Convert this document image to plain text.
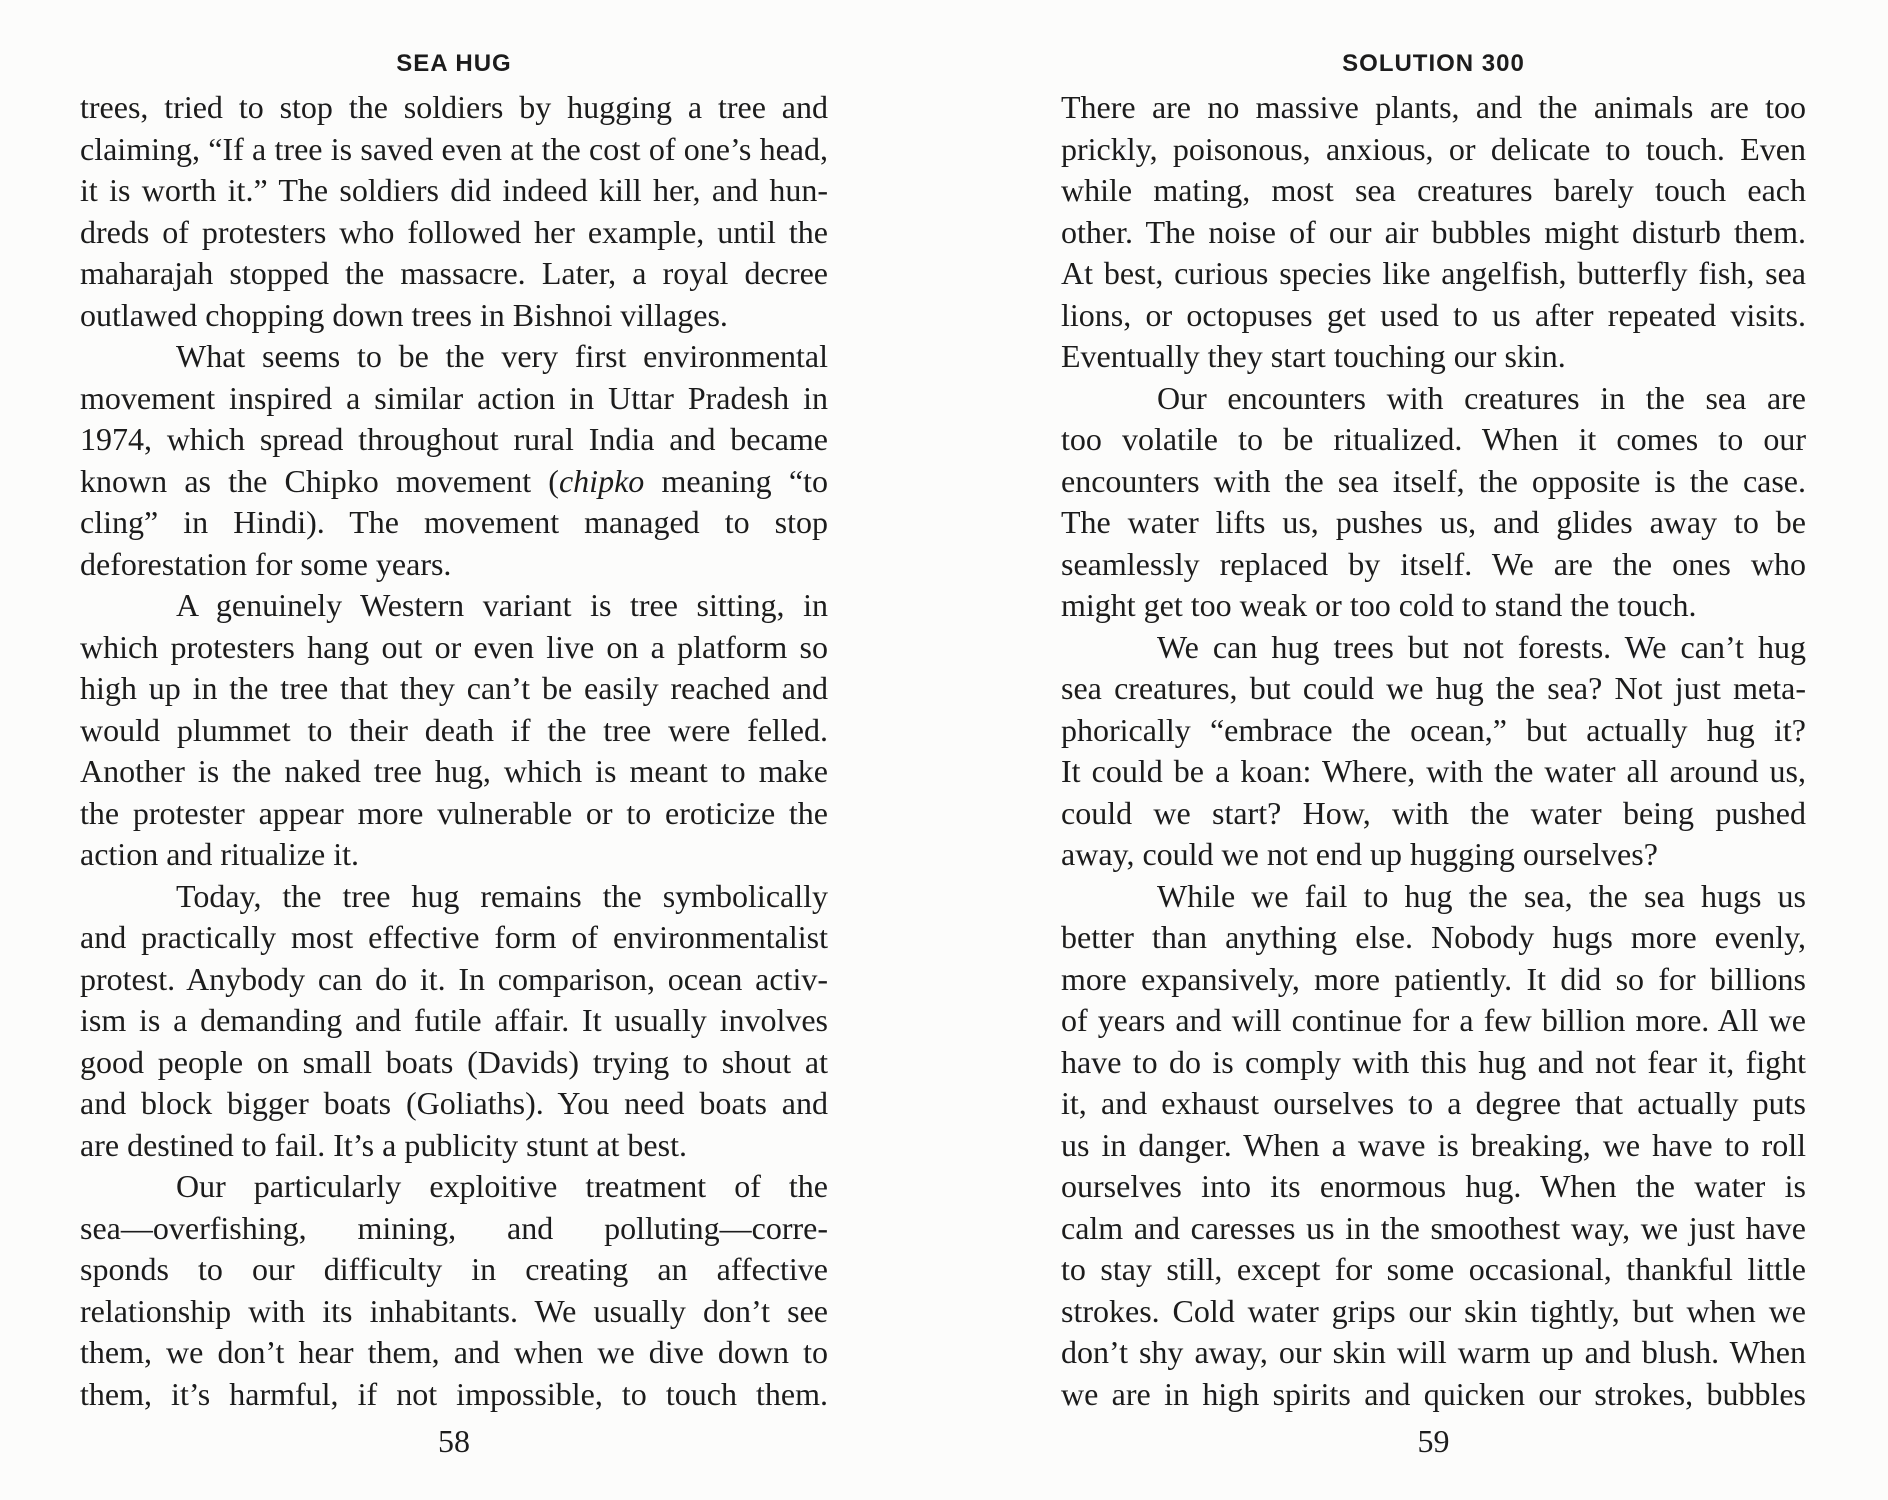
SEA HUG
trees, tried to stop the soldiers by hugging a tree and
claiming, “If a tree is saved even at the cost of one’s head,
it is worth it.” The soldiers did indeed kill her, and hun-
dreds of protesters who followed her example, until the
maharajah stopped the massacre. Later, a royal decree
outlawed chopping down trees in Bishnoi villages.
What seems to be the very first environmental
movement inspired a similar action in Uttar Pradesh in
1974, which spread throughout rural India and became
known as the Chipko movement (chipko meaning “to
cling” in Hindi). The movement managed to stop
deforestation for some years.
A genuinely Western variant is tree sitting, in
which protesters hang out or even live on a platform so
high up in the tree that they can’t be easily reached and
would plummet to their death if the tree were felled.
Another is the naked tree hug, which is meant to make
the protester appear more vulnerable or to eroticize the
action and ritualize it.
Today, the tree hug remains the symbolically
and practically most effective form of environmentalist
protest. Anybody can do it. In comparison, ocean activ-
ism is a demanding and futile affair. It usually involves
good people on small boats (Davids) trying to shout at
and block bigger boats (Goliaths). You need boats and
are destined to fail. It’s a publicity stunt at best.
Our particularly exploitive treatment of the
sea—overfishing, mining, and polluting—corre-
sponds to our difficulty in creating an affective
relationship with its inhabitants. We usually don’t see
them, we don’t hear them, and when we dive down to
them, it’s harmful, if not impossible, to touch them.
58
SOLUTION 300
There are no massive plants, and the animals are too
prickly, poisonous, anxious, or delicate to touch. Even
while mating, most sea creatures barely touch each
other. The noise of our air bubbles might disturb them.
At best, curious species like angelfish, butterfly fish, sea
lions, or octopuses get used to us after repeated visits.
Eventually they start touching our skin.
Our encounters with creatures in the sea are
too volatile to be ritualized. When it comes to our
encounters with the sea itself, the opposite is the case.
The water lifts us, pushes us, and glides away to be
seamlessly replaced by itself. We are the ones who
might get too weak or too cold to stand the touch.
We can hug trees but not forests. We can’t hug
sea creatures, but could we hug the sea? Not just meta-
phorically “embrace the ocean,” but actually hug it?
It could be a koan: Where, with the water all around us,
could we start? How, with the water being pushed
away, could we not end up hugging ourselves?
While we fail to hug the sea, the sea hugs us
better than anything else. Nobody hugs more evenly,
more expansively, more patiently. It did so for billions
of years and will continue for a few billion more. All we
have to do is comply with this hug and not fear it, fight
it, and exhaust ourselves to a degree that actually puts
us in danger. When a wave is breaking, we have to roll
ourselves into its enormous hug. When the water is
calm and caresses us in the smoothest way, we just have
to stay still, except for some occasional, thankful little
strokes. Cold water grips our skin tightly, but when we
don’t shy away, our skin will warm up and blush. When
we are in high spirits and quicken our strokes, bubbles
59
